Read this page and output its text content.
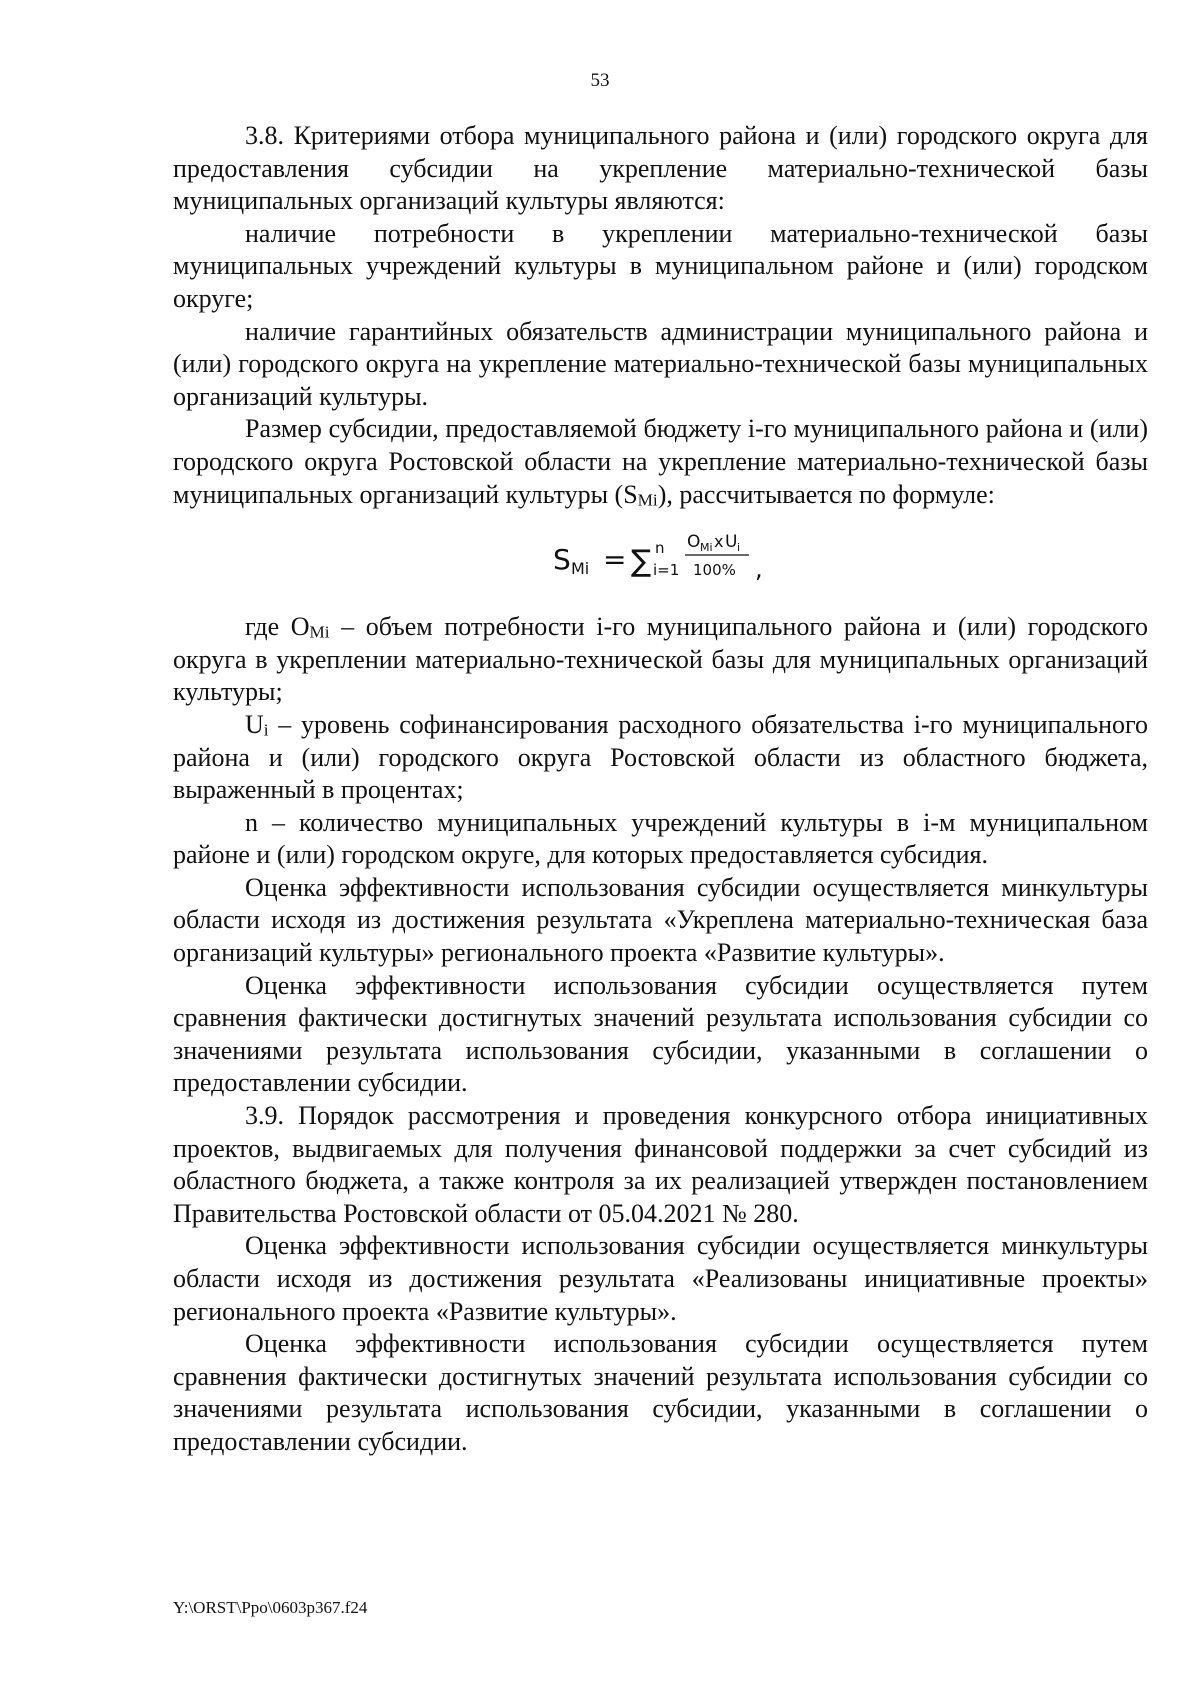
53

3.8. Критериями отбора муниципального района и (или) городского округа для предоставления субсидии на укрепление материально-технической базы муниципальных организаций культуры являются:

наличие потребности в укреплении материально-технической базы муниципальных учреждений культуры в муниципальном районе и (или) городском округе;

наличие гарантийных обязательств администрации муниципального района и (или) городского округа на укрепление материально-технической базы муниципальных организаций культуры.

Размер субсидии, предоставляемой бюджету i-го муниципального района и (или) городского округа Ростовской области на укрепление материально-технической базы муниципальных организаций культуры (SMi), рассчитывается по формуле:

S Mi = ∑ n
i=1
O Mi x U i
100% ,

где OMi – объем потребности i-го муниципального района и (или) городского округа в укреплении материально-технической базы для муниципальных организаций культуры;

Ui – уровень софинансирования расходного обязательства i-го муниципального района и (или) городского округа Ростовской области из областного бюджета, выраженный в процентах;

n – количество муниципальных учреждений культуры в i-м муниципальном районе и (или) городском округе, для которых предоставляется субсидия.

Оценка эффективности использования субсидии осуществляется минкультуры области исходя из достижения результата «Укреплена материально-техническая база организаций культуры» регионального проекта «Развитие культуры».

Оценка эффективности использования субсидии осуществляется путем сравнения фактически достигнутых значений результата использования субсидии со значениями результата использования субсидии, указанными в соглашении о предоставлении субсидии.

3.9. Порядок рассмотрения и проведения конкурсного отбора инициативных проектов, выдвигаемых для получения финансовой поддержки за счет субсидий из областного бюджета, а также контроля за их реализацией утвержден постановлением Правительства Ростовской области от 05.04.2021 № 280.

Оценка эффективности использования субсидии осуществляется минкультуры области исходя из достижения результата «Реализованы инициативные проекты» регионального проекта «Развитие культуры».

Оценка эффективности использования субсидии осуществляется путем сравнения фактически достигнутых значений результата использования субсидии со значениями результата использования субсидии, указанными в соглашении о предоставлении субсидии.

Y:\ORST\Ppo\0603p367.f24
